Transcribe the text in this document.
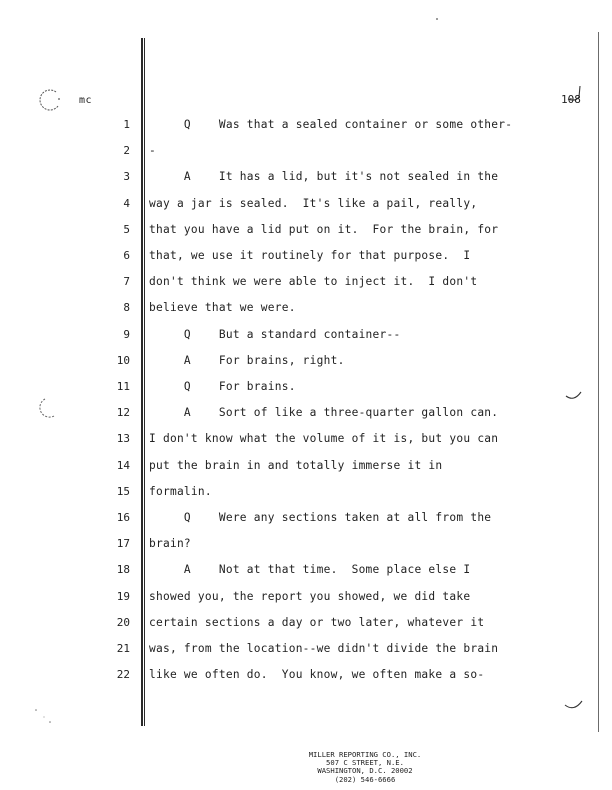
mc	108
1 Q    Was that a sealed container or some other-
2 -
3 A    It has a lid, but it's not sealed in the
4 way a jar is sealed.  It's like a pail, really,
5 that you have a lid put on it.  For the brain, for
6 that, we use it routinely for that purpose.  I
7 don't think we were able to inject it.  I don't
8 believe that we were.
9 Q    But a standard container--
10 A    For brains, right.
11 Q    For brains.
12 A    Sort of like a three-quarter gallon can.
13 I don't know what the volume of it is, but you can
14 put the brain in and totally immerse it in
15 formalin.
16 Q    Were any sections taken at all from the
17 brain?
18 A    Not at that time.  Some place else I
19 showed you, the report you showed, we did take
20 certain sections a day or two later, whatever it
21 was, from the location--we didn't divide the brain
22 like we often do.  You know, we often make a so-
MILLER REPORTING CO., INC.
507 C STREET, N.E.
WASHINGTON, D.C. 20002
(202) 546-6666
